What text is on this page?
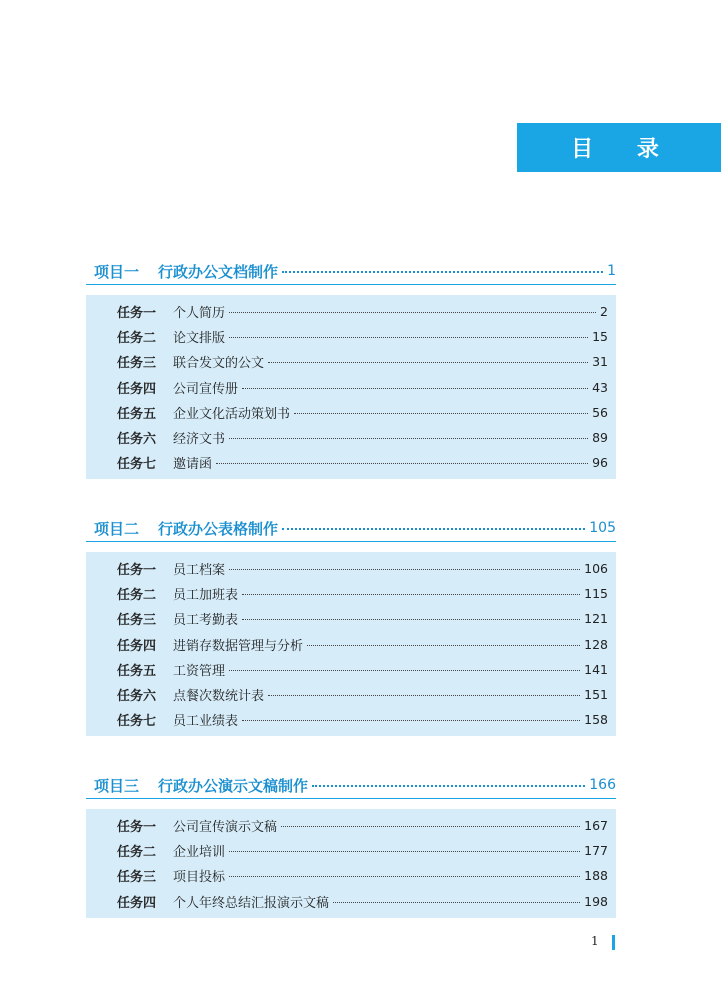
目 录
项目一	行政办公文档制作	1
任务一	个人简历	2
任务二	论文排版	15
任务三	联合发文的公文	31
任务四	公司宣传册	43
任务五	企业文化活动策划书	56
任务六	经济文书	89
任务七	邀请函	96
项目二	行政办公表格制作	105
任务一	员工档案	106
任务二	员工加班表	115
任务三	员工考勤表	121
任务四	进销存数据管理与分析	128
任务五	工资管理	141
任务六	点餐次数统计表	151
任务七	员工业绩表	158
项目三	行政办公演示文稿制作	166
任务一	公司宣传演示文稿	167
任务二	企业培训	177
任务三	项目投标	188
任务四	个人年终总结汇报演示文稿	198
1
